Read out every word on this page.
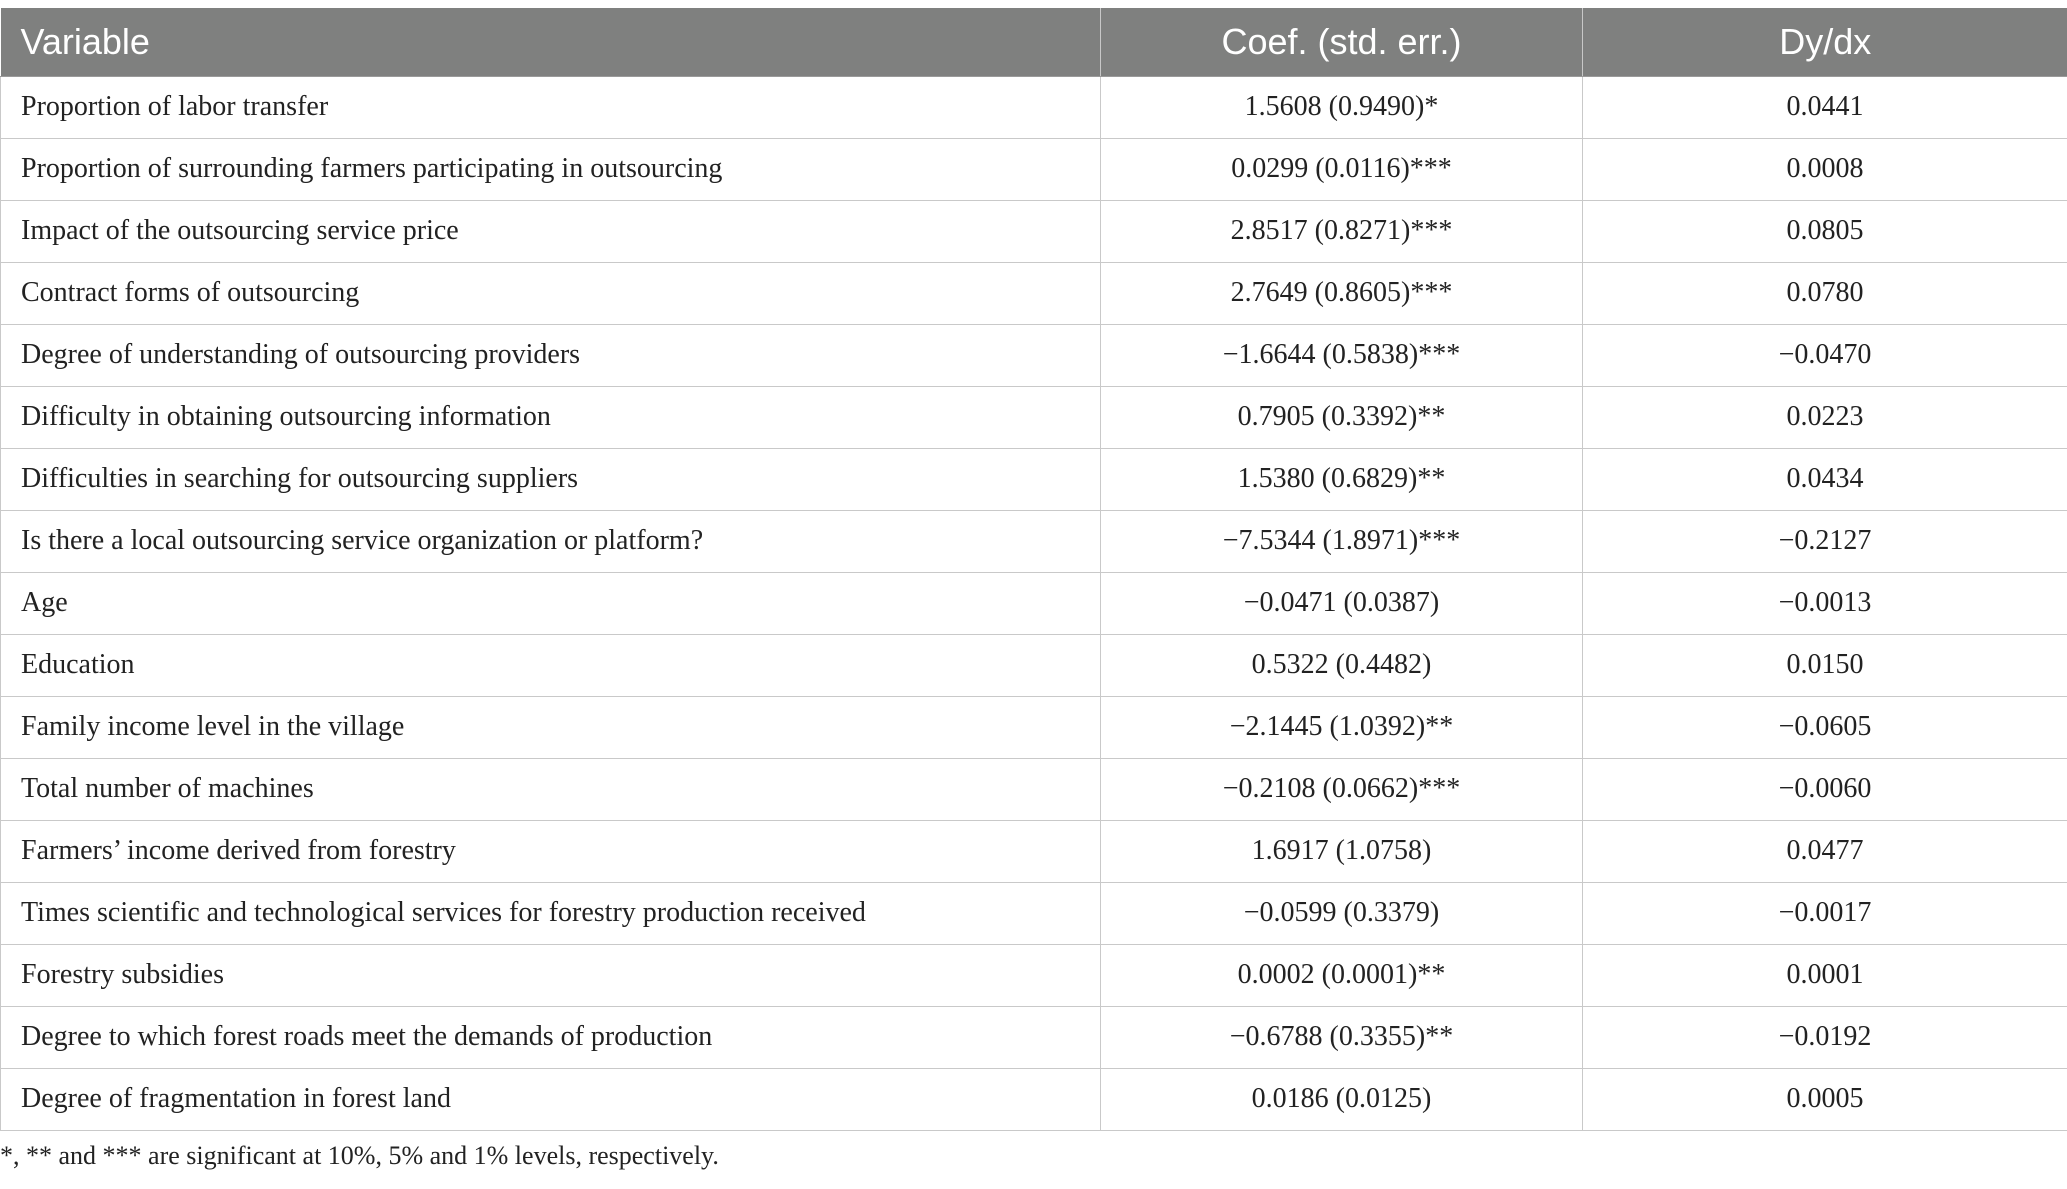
Variable	Coef. (std. err.)	Dy/dx
Proportion of labor transfer	1.5608 (0.9490)*	0.0441
Proportion of surrounding farmers participating in outsourcing	0.0299 (0.0116)***	0.0008
Impact of the outsourcing service price	2.8517 (0.8271)***	0.0805
Contract forms of outsourcing	2.7649 (0.8605)***	0.0780
Degree of understanding of outsourcing providers	−1.6644 (0.5838)***	−0.0470
Difficulty in obtaining outsourcing information	0.7905 (0.3392)**	0.0223
Difficulties in searching for outsourcing suppliers	1.5380 (0.6829)**	0.0434
Is there a local outsourcing service organization or platform?	−7.5344 (1.8971)***	−0.2127
Age	−0.0471 (0.0387)	−0.0013
Education	0.5322 (0.4482)	0.0150
Family income level in the village	−2.1445 (1.0392)**	−0.0605
Total number of machines	−0.2108 (0.0662)***	−0.0060
Farmers’ income derived from forestry	1.6917 (1.0758)	0.0477
Times scientific and technological services for forestry production received	−0.0599 (0.3379)	−0.0017
Forestry subsidies	0.0002 (0.0001)**	0.0001
Degree to which forest roads meet the demands of production	−0.6788 (0.3355)**	−0.0192
Degree of fragmentation in forest land	0.0186 (0.0125)	0.0005
*, ** and *** are significant at 10%, 5% and 1% levels, respectively.
